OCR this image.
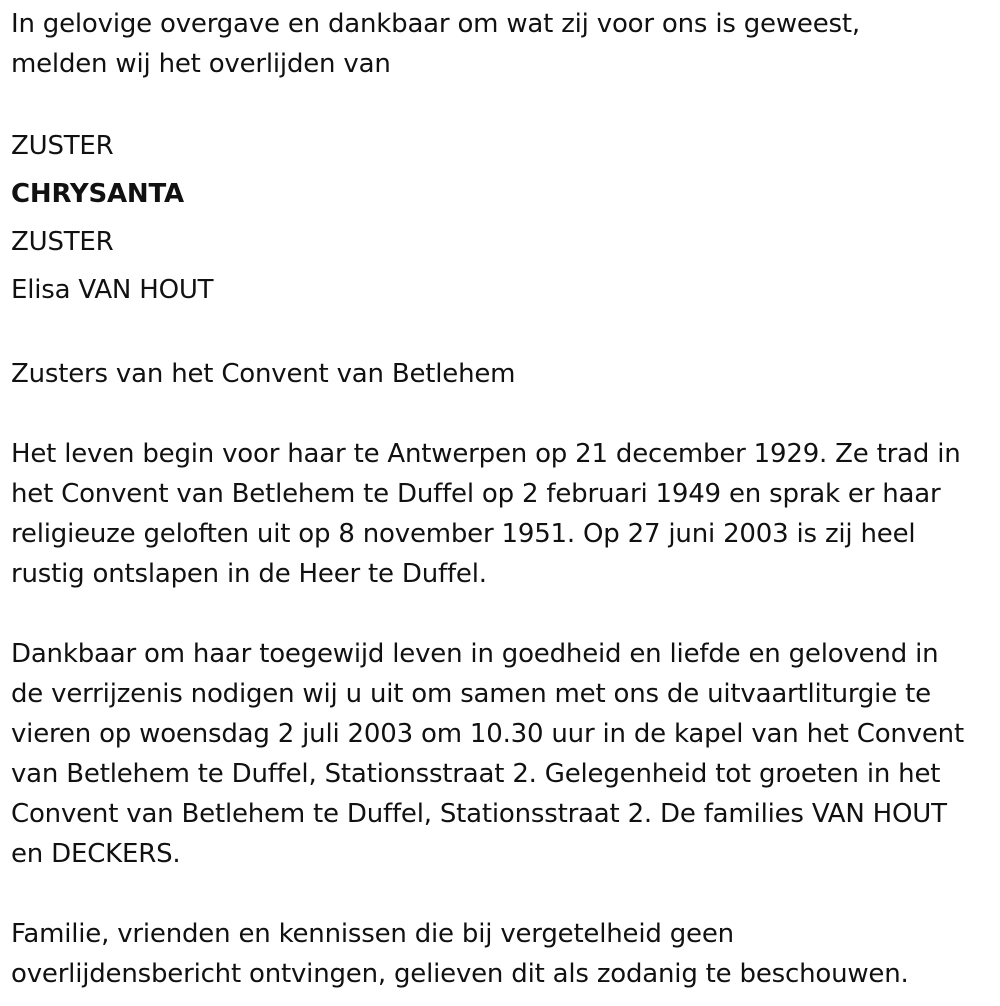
In gelovige overgave en dankbaar om wat zij voor ons is geweest,
melden wij het overlijden van
ZUSTER
CHRYSANTA
ZUSTER
Elisa VAN HOUT
Zusters van het Convent van Betlehem
Het leven begin voor haar te Antwerpen op 21 december 1929. Ze trad in
het Convent van Betlehem te Duffel op 2 februari 1949 en sprak er haar
religieuze geloften uit op 8 november 1951. Op 27 juni 2003 is zij heel
rustig ontslapen in de Heer te Duffel.
Dankbaar om haar toegewijd leven in goedheid en liefde en gelovend in
de verrijzenis nodigen wij u uit om samen met ons de uitvaartliturgie te
vieren op woensdag 2 juli 2003 om 10.30 uur in de kapel van het Convent
van Betlehem te Duffel, Stationsstraat 2. Gelegenheid tot groeten in het
Convent van Betlehem te Duffel, Stationsstraat 2. De families VAN HOUT
en DECKERS.
Familie, vrienden en kennissen die bij vergetelheid geen
overlijdensbericht ontvingen, gelieven dit als zodanig te beschouwen.
